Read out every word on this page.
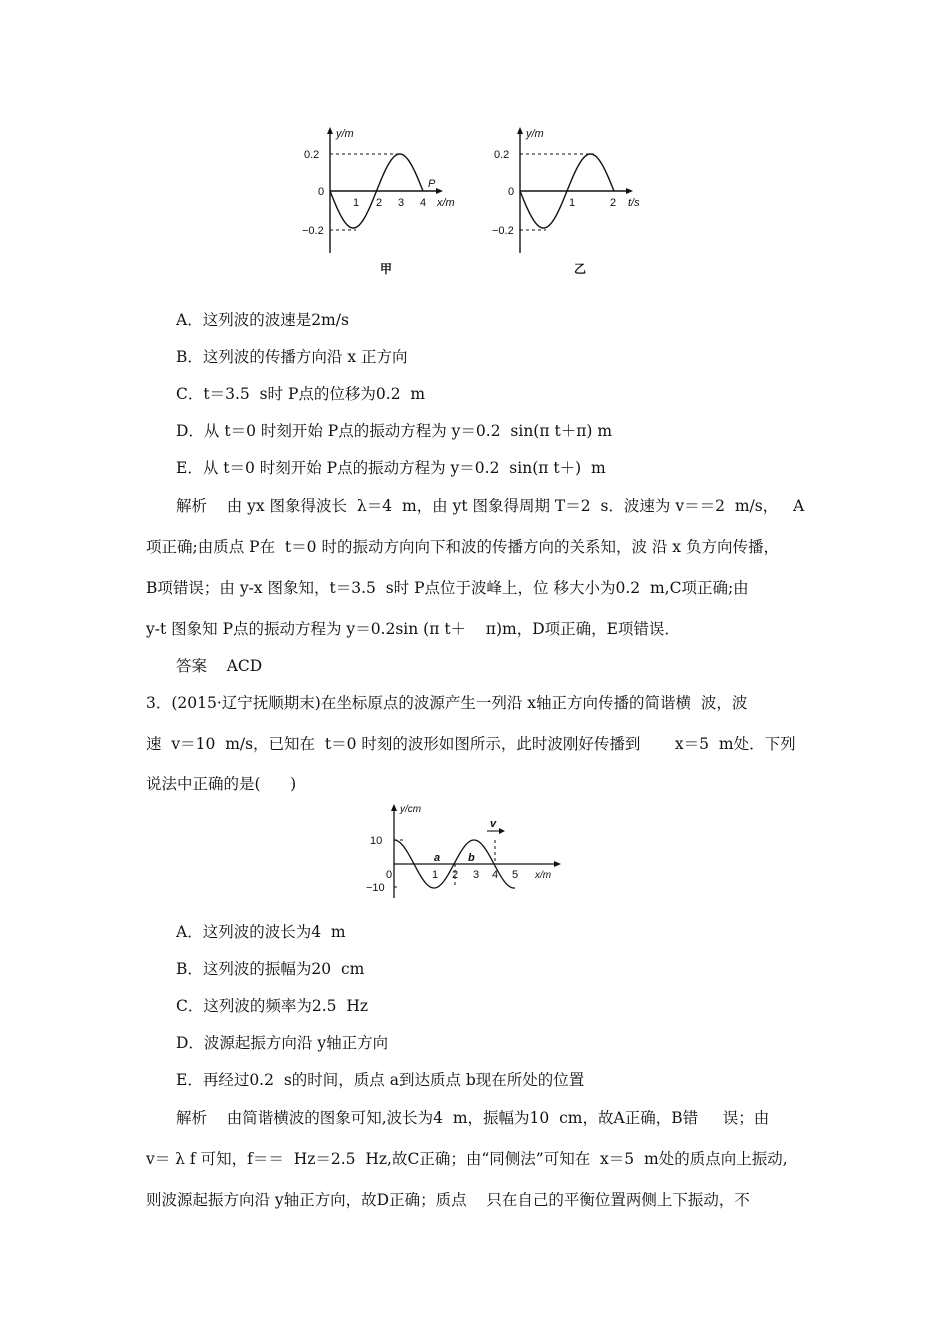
y/m
0.2
0
−0.2
1 2 3 4
P
x/m
甲
y/m
0.2
0
−0.2
1	2 t/s
乙
A．这列波的波速是2m/s
B．这列波的传播方向沿 x 正方向
C．t＝3.5  s时 P点的位移为0.2  m
D．从 t＝0 时刻开始 P点的振动方程为 y＝0.2  sin(π t＋π) m
E．从 t＝0 时刻开始 P点的振动方程为 y＝0.2  sin(π t＋)  m
解析    由 yx 图象得波长  λ＝4  m，由 yt 图象得周期 T＝2  s．波速为 v＝＝2  m/s，   A
项正确;由质点 P在  t＝0 时的振动方向向下和波的传播方向的关系知，波 沿 x 负方向传播，
B项错误；由 y-x 图象知，t＝3.5  s时 P点位于波峰上，位 移大小为0.2  m,C项正确;由
y-t 图象知 P点的振动方程为 y＝0.2sin (π t＋    π)m，D项正确，E项错误．
答案    ACD
3．(2015·辽宁抚顺期末)在坐标原点的波源产生一列沿 x轴正方向传播的简谐横  波，波
速  v＝10  m/s，已知在  t＝0 时刻的波形如图所示，此时波刚好传播到       x＝5  m处．下列
说法中正确的是(      )
y/cm
10
0
−10
1 2 3 4 5 x/m
a	b
v
A．这列波的波长为4  m
B．这列波的振幅为20  cm
C．这列波的频率为2.5  Hz
D．波源起振方向沿 y轴正方向
E．再经过0.2  s的时间，质点 a到达质点 b现在所处的位置
解析    由简谐横波的图象可知,波长为4  m，振幅为10  cm，故A正确，B错     误；由
v＝ λ f 可知，f＝＝  Hz＝2.5  Hz,故C正确；由“同侧法”可知在  x＝5  m处的质点向上振动,
则波源起振方向沿 y轴正方向，故D正确；质点    只在自己的平衡位置两侧上下振动，不
